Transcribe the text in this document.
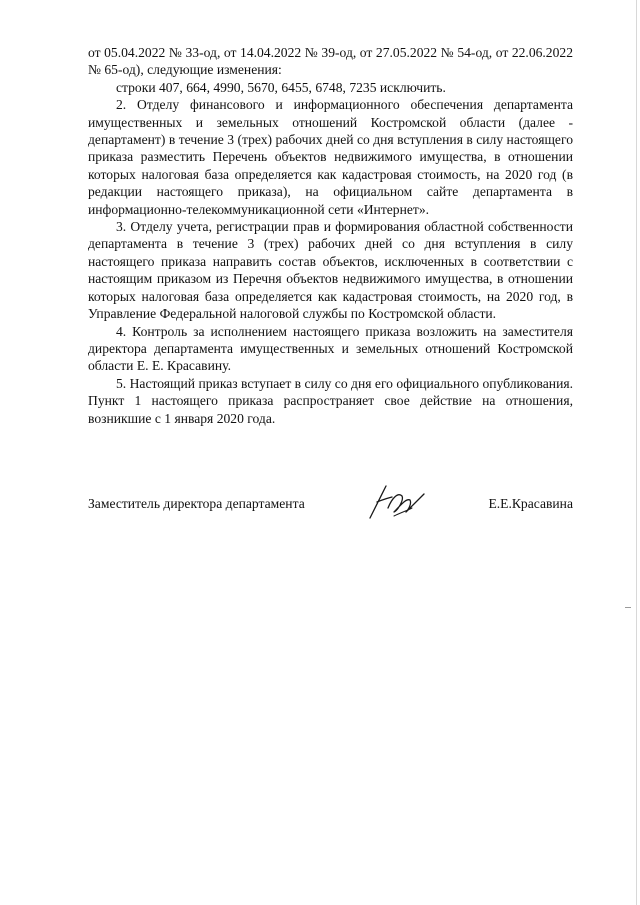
от 05.04.2022 № 33-од, от 14.04.2022 № 39-од, от 27.05.2022 № 54-од, от 22.06.2022 № 65-од), следующие изменения:

строки 407, 664, 4990, 5670, 6455, 6748, 7235 исключить.

2. Отделу финансового и информационного обеспечения департамента имущественных и земельных отношений Костромской области (далее - департамент) в течение 3 (трех) рабочих дней со дня вступления в силу настоящего приказа разместить Перечень объектов недвижимого имущества, в отношении которых налоговая база определяется как кадастровая стоимость, на 2020 год (в редакции настоящего приказа), на официальном сайте департамента в информационно-телекоммуникационной сети «Интернет».

3. Отделу учета, регистрации прав и формирования областной собственности департамента в течение 3 (трех) рабочих дней со дня вступления в силу настоящего приказа направить состав объектов, исключенных в соответствии с настоящим приказом из Перечня объектов недвижимого имущества, в отношении которых налоговая база определяется как кадастровая стоимость, на 2020 год, в Управление Федеральной налоговой службы по Костромской области.

4. Контроль за исполнением настоящего приказа возложить на заместителя директора департамента имущественных и земельных отношений Костромской области Е. Е. Красавину.

5. Настоящий приказ вступает в силу со дня его официального опубликования. Пункт 1 настоящего приказа распространяет свое действие на отношения, возникшие с 1 января 2020 года.

Заместитель директора департамента	Е.Е.Красавина
